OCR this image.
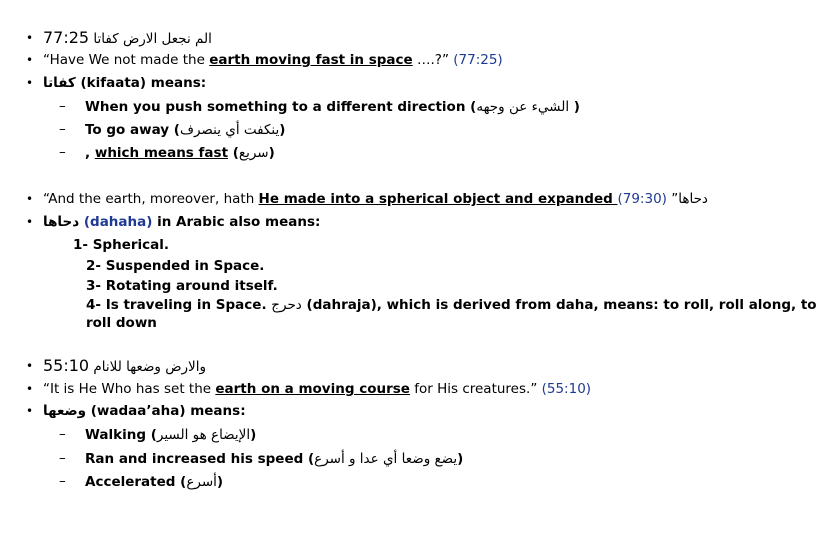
•	الم نجعل الارض كفاتا 77:25
• “Have We not made the earth moving fast in space ….?” (77:25)
• كفاتا (kifaata) means:
– When you push something to a different direction (الشيء عن وجهه )
– To go away (ينكفت أي ينصرف)
– , which means fast (سريع)
• “And the earth, moreover, hath He made into a spherical object and expanded	دحاها” (79:30)
• دحاها (dahaha) in Arabic also means:
1- Spherical.
2- Suspended in Space.
3- Rotating around itself.
4- Is traveling in Space. دحرج (dahraja), which is derived from daha, means: to roll, roll along, to
roll down
•	والارض وضعها للانام 55:10
• “It is He Who has set the earth on a moving course for His creatures.” (55:10)
• وضعها (wadaa’aha) means:
– Walking (الإيضاع هو السير)
– Ran and increased his speed (يضع وضعا أي عدا و أسرع)
– Accelerated (أسرع)
